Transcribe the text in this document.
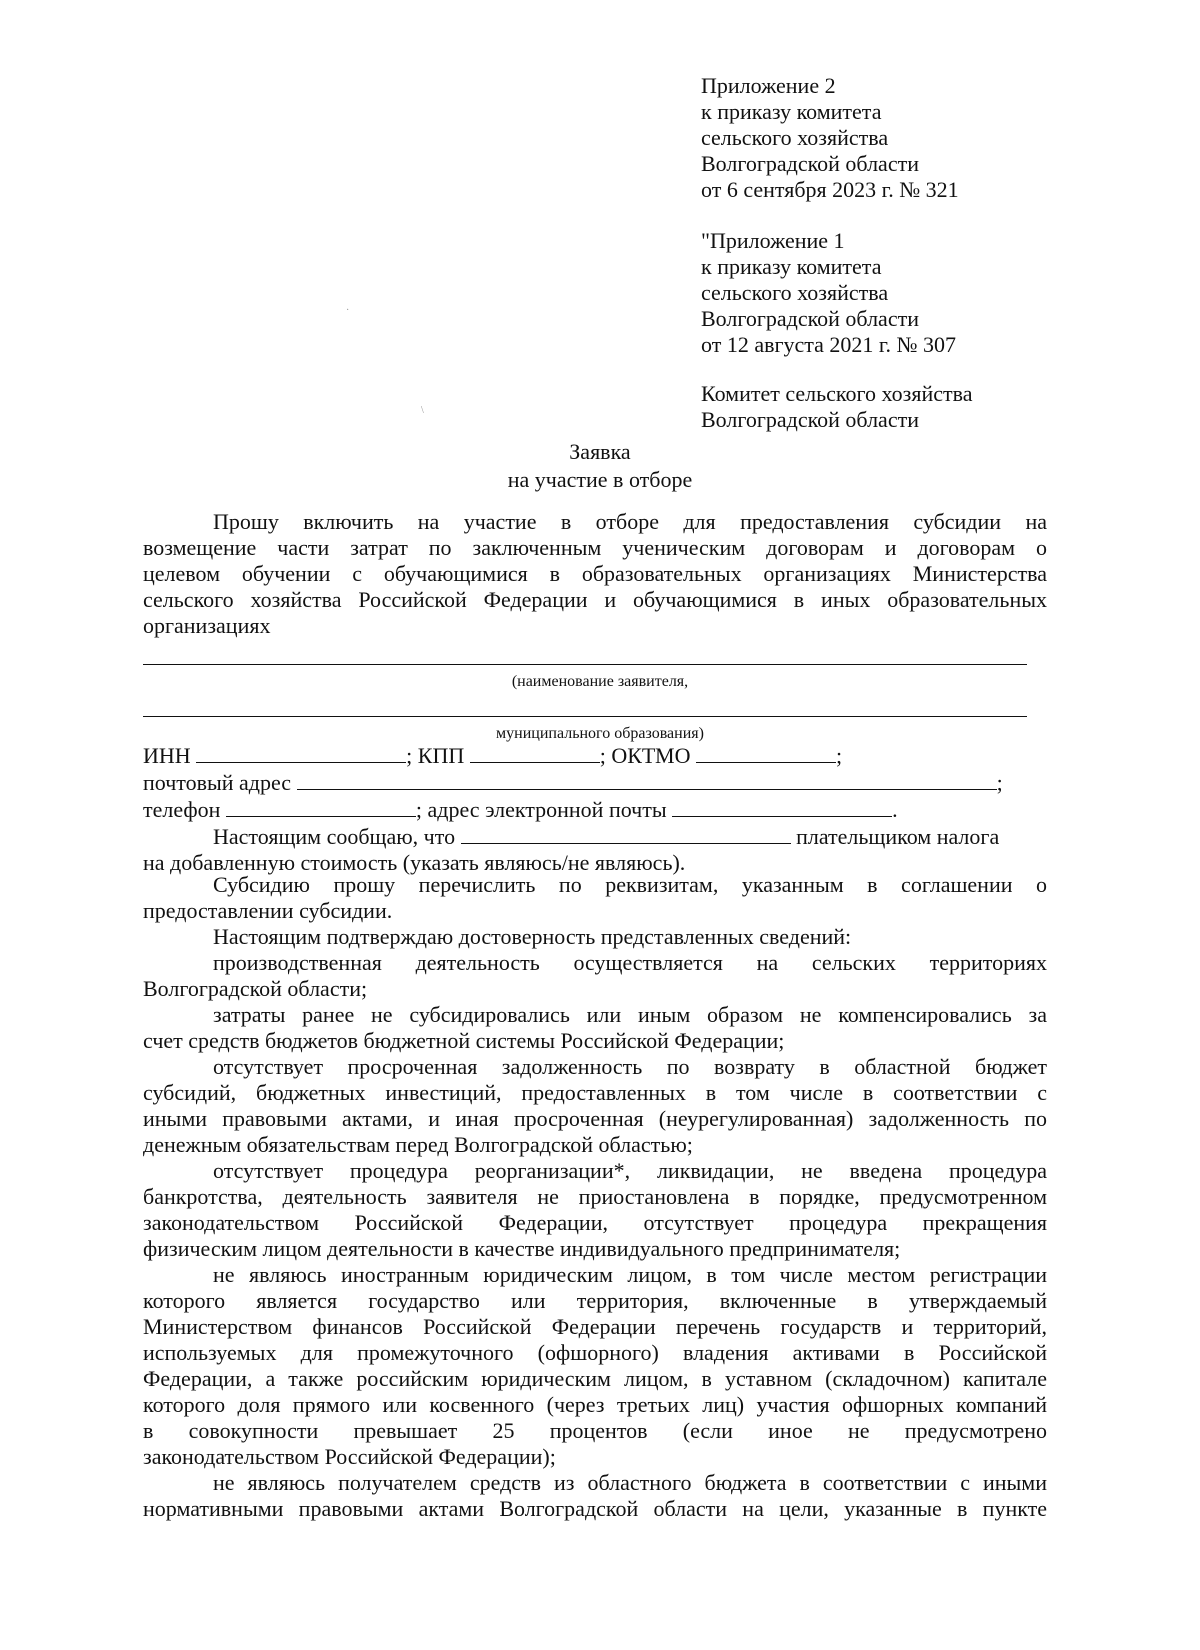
Приложение 2
к приказу комитета
сельского хозяйства
Волгоградской области
от 6 сентября 2023 г. № 321
"Приложение 1
к приказу комитета
сельского хозяйства
Волгоградской области
от 12 августа 2021 г. № 307
Комитет сельского хозяйства
Волгоградской области
·
\
Заявка
на участие в отборе
Прошу включить на участие в отборе для предоставления субсидии на
возмещение части затрат по заключенным ученическим договорам и договорам о
целевом обучении с обучающимися в образовательных организациях Министерства
сельского хозяйства Российской Федерации и обучающимися в иных образовательных
организациях
(наименование заявителя,
муниципального образования)
ИНН	; КПП	; ОКТМО	;
почтовый адрес	;
телефон	; адрес электронной почты	.
Настоящим сообщаю, что	плательщиком налога
на добавленную стоимость (указать являюсь/не являюсь).
Субсидию прошу перечислить по реквизитам, указанным в соглашении о
предоставлении субсидии.
Настоящим подтверждаю достоверность представленных сведений:
производственная деятельность осуществляется на сельских территориях
Волгоградской области;
затраты ранее не субсидировались или иным образом не компенсировались за
счет средств бюджетов бюджетной системы Российской Федерации;
отсутствует просроченная задолженность по возврату в областной бюджет
субсидий, бюджетных инвестиций, предоставленных в том числе в соответствии с
иными правовыми актами, и иная просроченная (неурегулированная) задолженность по
денежным обязательствам перед Волгоградской областью;
отсутствует процедура реорганизации*, ликвидации, не введена процедура
банкротства, деятельность заявителя не приостановлена в порядке, предусмотренном
законодательством Российской Федерации, отсутствует процедура прекращения
физическим лицом деятельности в качестве индивидуального предпринимателя;
не являюсь иностранным юридическим лицом, в том числе местом регистрации
которого является государство или территория, включенные в утверждаемый
Министерством финансов Российской Федерации перечень государств и территорий,
используемых для промежуточного (офшорного) владения активами в Российской
Федерации, а также российским юридическим лицом, в уставном (складочном) капитале
которого доля прямого или косвенного (через третьих лиц) участия офшорных компаний
в совокупности превышает 25 процентов (если иное не предусмотрено
законодательством Российской Федерации);
не являюсь получателем средств из областного бюджета в соответствии с иными
нормативными правовыми актами Волгоградской области на цели, указанные в пункте
